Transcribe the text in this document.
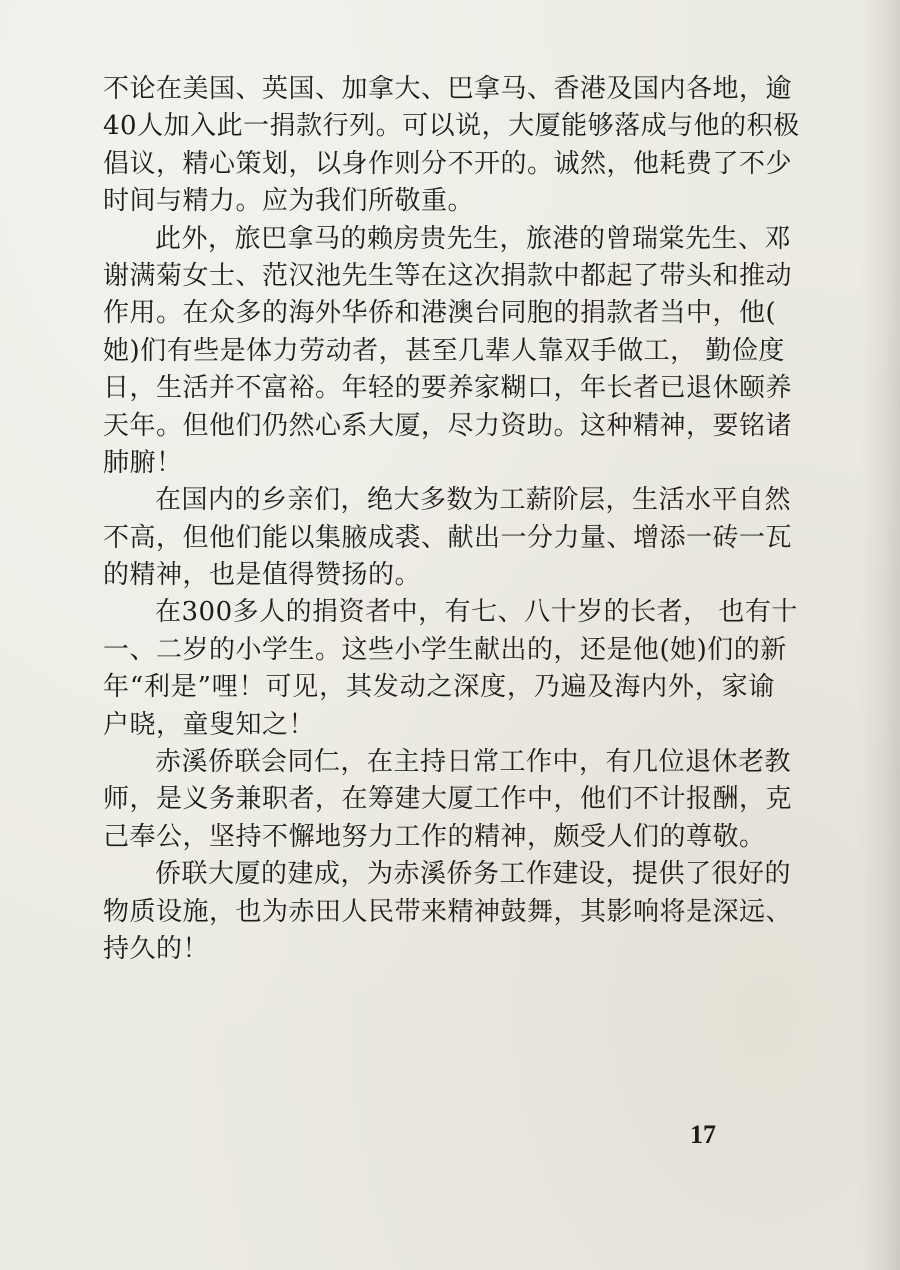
不论在美国、英国、加拿大、巴拿马、香港及国内各地，逾
40人加入此一捐款行列。可以说，大厦能够落成与他的积极
倡议，精心策划，以身作则分不开的。诚然，他耗费了不少
时间与精力。应为我们所敬重。
此外，旅巴拿马的赖房贵先生，旅港的曾瑞棠先生、邓
谢满菊女士、范汉池先生等在这次捐款中都起了带头和推动
作用。在众多的海外华侨和港澳台同胞的捐款者当中，他(
她)们有些是体力劳动者，甚至几辈人靠双手做工， 勤俭度
日，生活并不富裕。年轻的要养家糊口，年长者已退休颐养
天年。但他们仍然心系大厦，尽力资助。这种精神，要铭诸
肺腑！
在国内的乡亲们，绝大多数为工薪阶层，生活水平自然
不高，但他们能以集腋成裘、献出一分力量、增添一砖一瓦
的精神，也是值得赞扬的。
在300多人的捐资者中，有七、八十岁的长者， 也有十
一、二岁的小学生。这些小学生献出的，还是他(她)们的新
年“利是”哩！可见，其发动之深度，乃遍及海内外，家谕
户晓，童叟知之！
赤溪侨联会同仁，在主持日常工作中，有几位退休老教
师，是义务兼职者，在筹建大厦工作中，他们不计报酬，克
己奉公，坚持不懈地努力工作的精神，颇受人们的尊敬。
侨联大厦的建成，为赤溪侨务工作建设，提供了很好的
物质设施，也为赤田人民带来精神鼓舞，其影响将是深远、
持久的！
17
